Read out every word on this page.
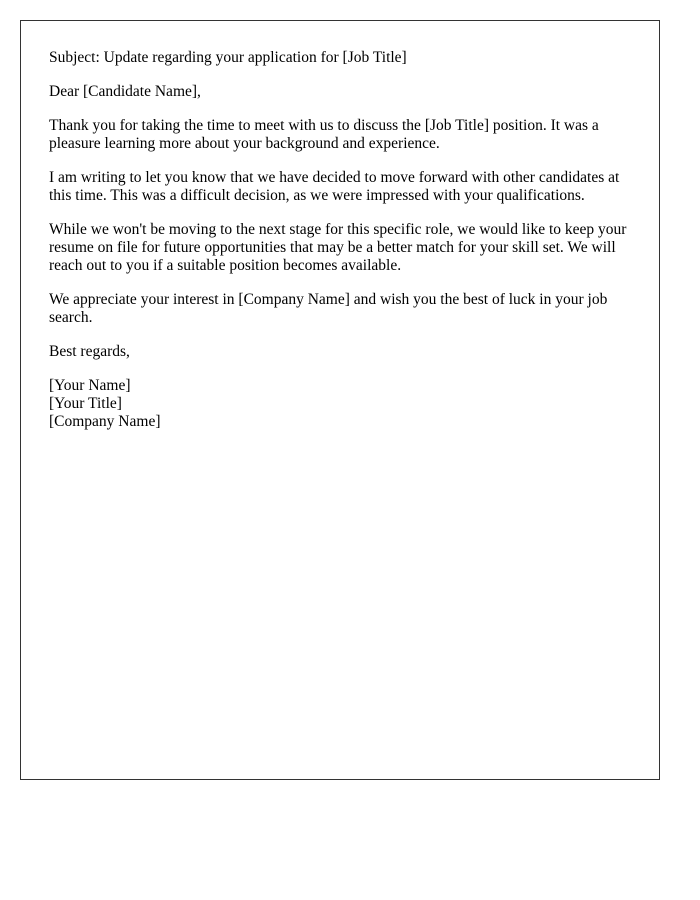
Subject: Update regarding your application for [Job Title]

Dear [Candidate Name],

Thank you for taking the time to meet with us to discuss the [Job Title] position. It was a pleasure learning more about your background and experience.

I am writing to let you know that we have decided to move forward with other candidates at this time. This was a difficult decision, as we were impressed with your qualifications.

While we won't be moving to the next stage for this specific role, we would like to keep your resume on file for future opportunities that may be a better match for your skill set. We will reach out to you if a suitable position becomes available.

We appreciate your interest in [Company Name] and wish you the best of luck in your job search.

Best regards,

[Your Name]

[Your Title]

[Company Name]
